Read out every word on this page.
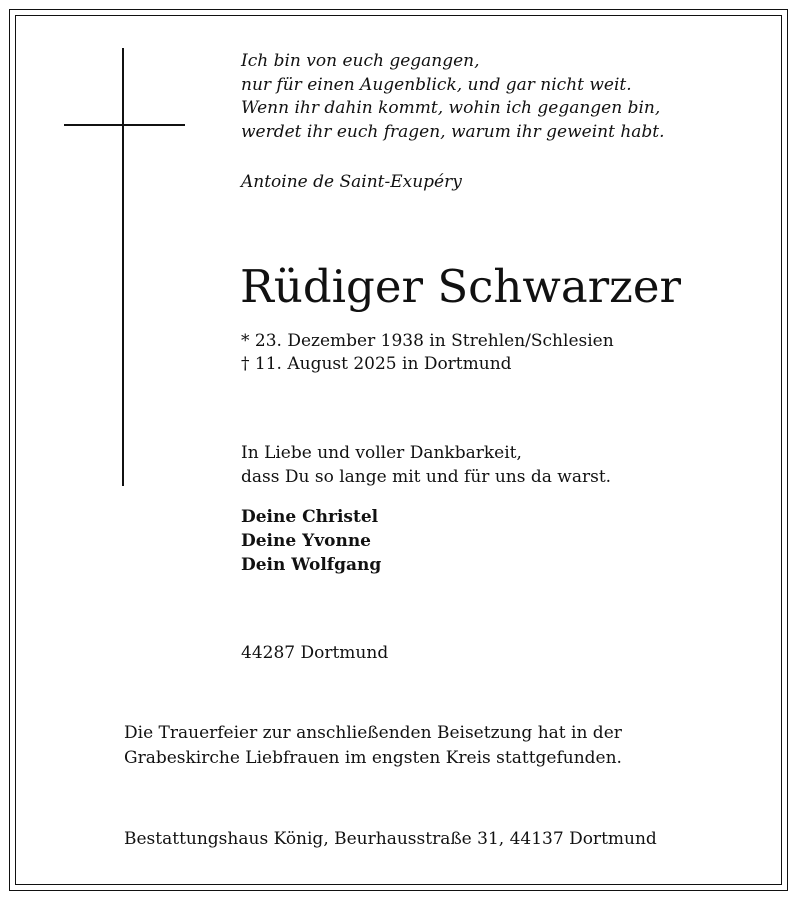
Ich bin von euch gegangen,
nur für einen Augenblick, und gar nicht weit.
Wenn ihr dahin kommt, wohin ich gegangen bin,
werdet ihr euch fragen, warum ihr geweint habt.
Antoine de Saint-Exupéry
Rüdiger Schwarzer
* 23. Dezember 1938 in Strehlen/Schlesien
† 11. August 2025 in Dortmund
In Liebe und voller Dankbarkeit,
dass Du so lange mit und für uns da warst.
Deine Christel
Deine Yvonne
Dein Wolfgang
44287 Dortmund
Die Trauerfeier zur anschließenden Beisetzung hat in der
Grabeskirche Liebfrauen im engsten Kreis stattgefunden.
Bestattungshaus König, Beurhausstraße 31, 44137 Dortmund
